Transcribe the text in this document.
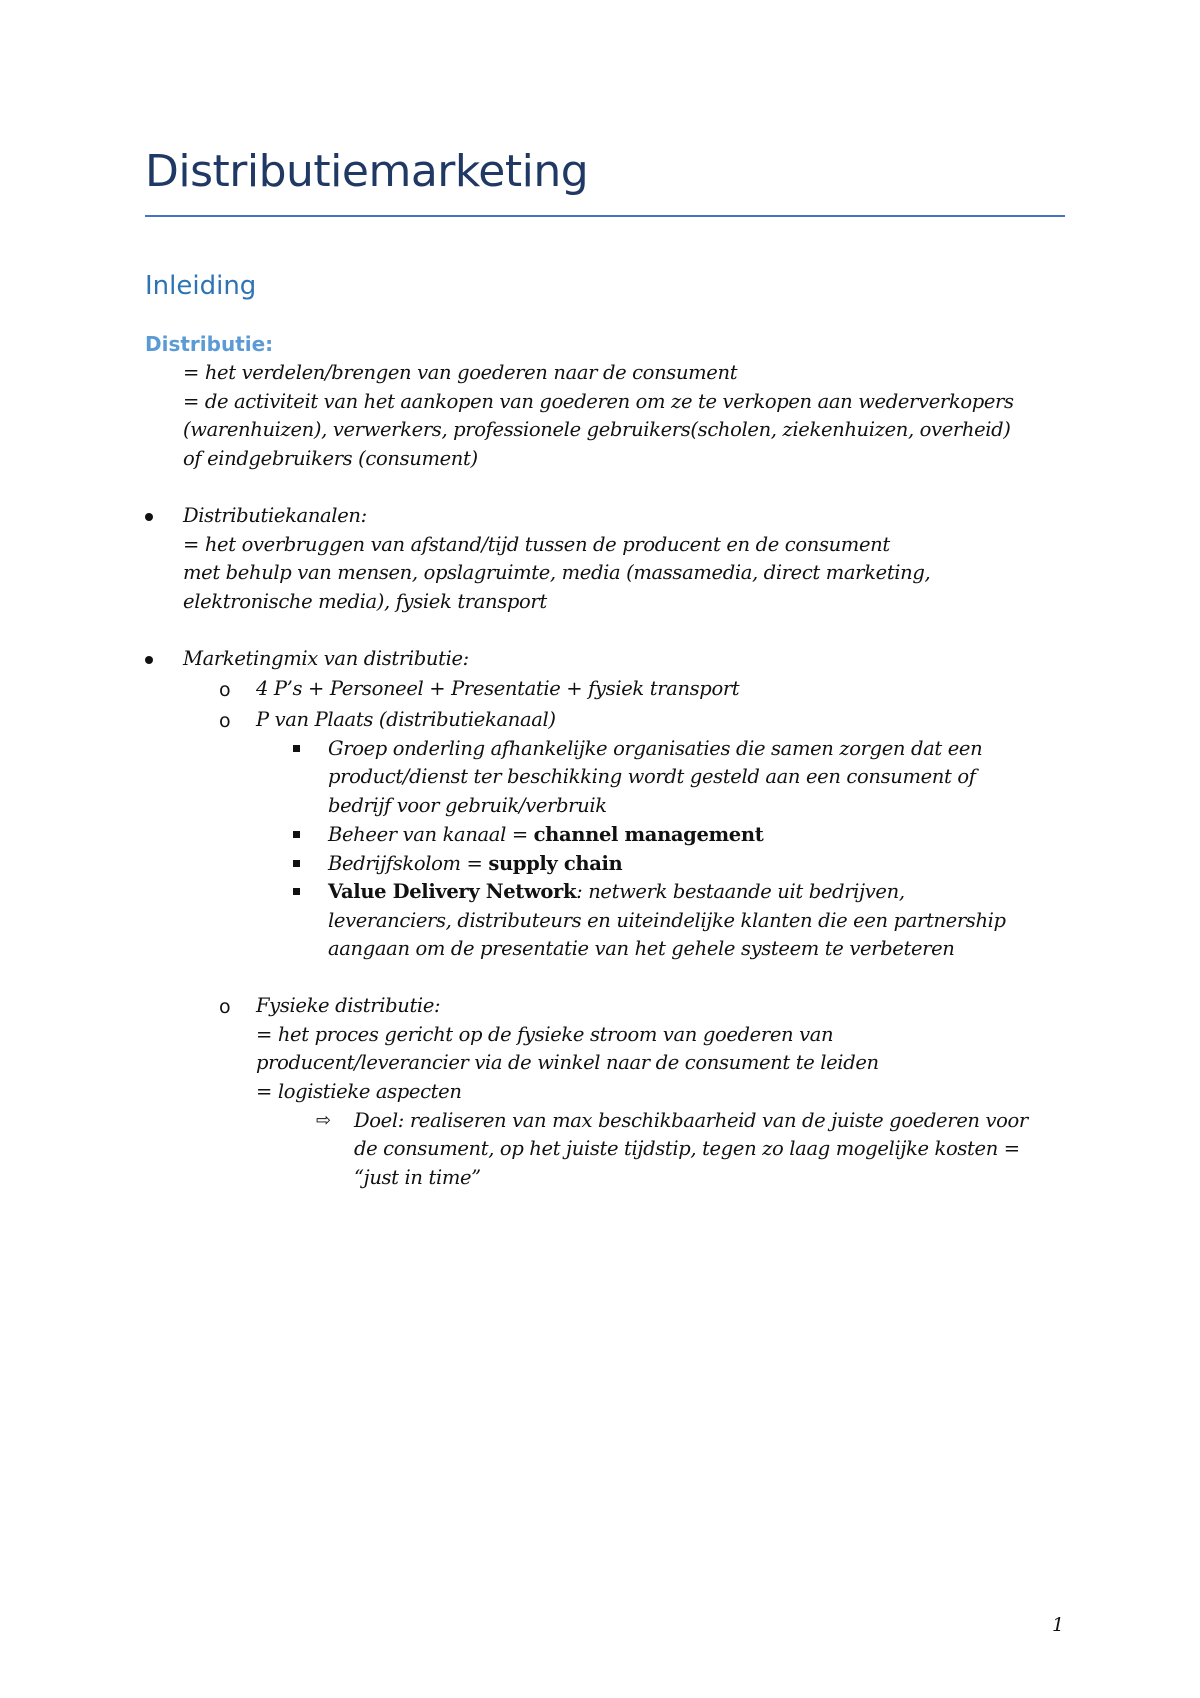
Distributiemarketing
Inleiding
Distributie:
= het verdelen/brengen van goederen naar de consument
= de activiteit van het aankopen van goederen om ze te verkopen aan wederverkopers
(warenhuizen), verwerkers, professionele gebruikers(scholen, ziekenhuizen, overheid)
of eindgebruikers (consument)
Distributiekanalen:
= het overbruggen van afstand/tijd tussen de producent en de consument
met behulp van mensen, opslagruimte, media (massamedia, direct marketing,
elektronische media), fysiek transport
Marketingmix van distributie:
o 4 P’s + Personeel + Presentatie + fysiek transport
o P van Plaats (distributiekanaal)
Groep onderling afhankelijke organisaties die samen zorgen dat een
product/dienst ter beschikking wordt gesteld aan een consument of
bedrijf voor gebruik/verbruik
Beheer van kanaal = channel management
Bedrijfskolom = supply chain
Value Delivery Network: netwerk bestaande uit bedrijven,
leveranciers, distributeurs en uiteindelijke klanten die een partnership
aangaan om de presentatie van het gehele systeem te verbeteren
o Fysieke distributie:
= het proces gericht op de fysieke stroom van goederen van
producent/leverancier via de winkel naar de consument te leiden
= logistieke aspecten
⇨ Doel: realiseren van max beschikbaarheid van de juiste goederen voor
de consument, op het juiste tijdstip, tegen zo laag mogelijke kosten =
“just in time”
1
